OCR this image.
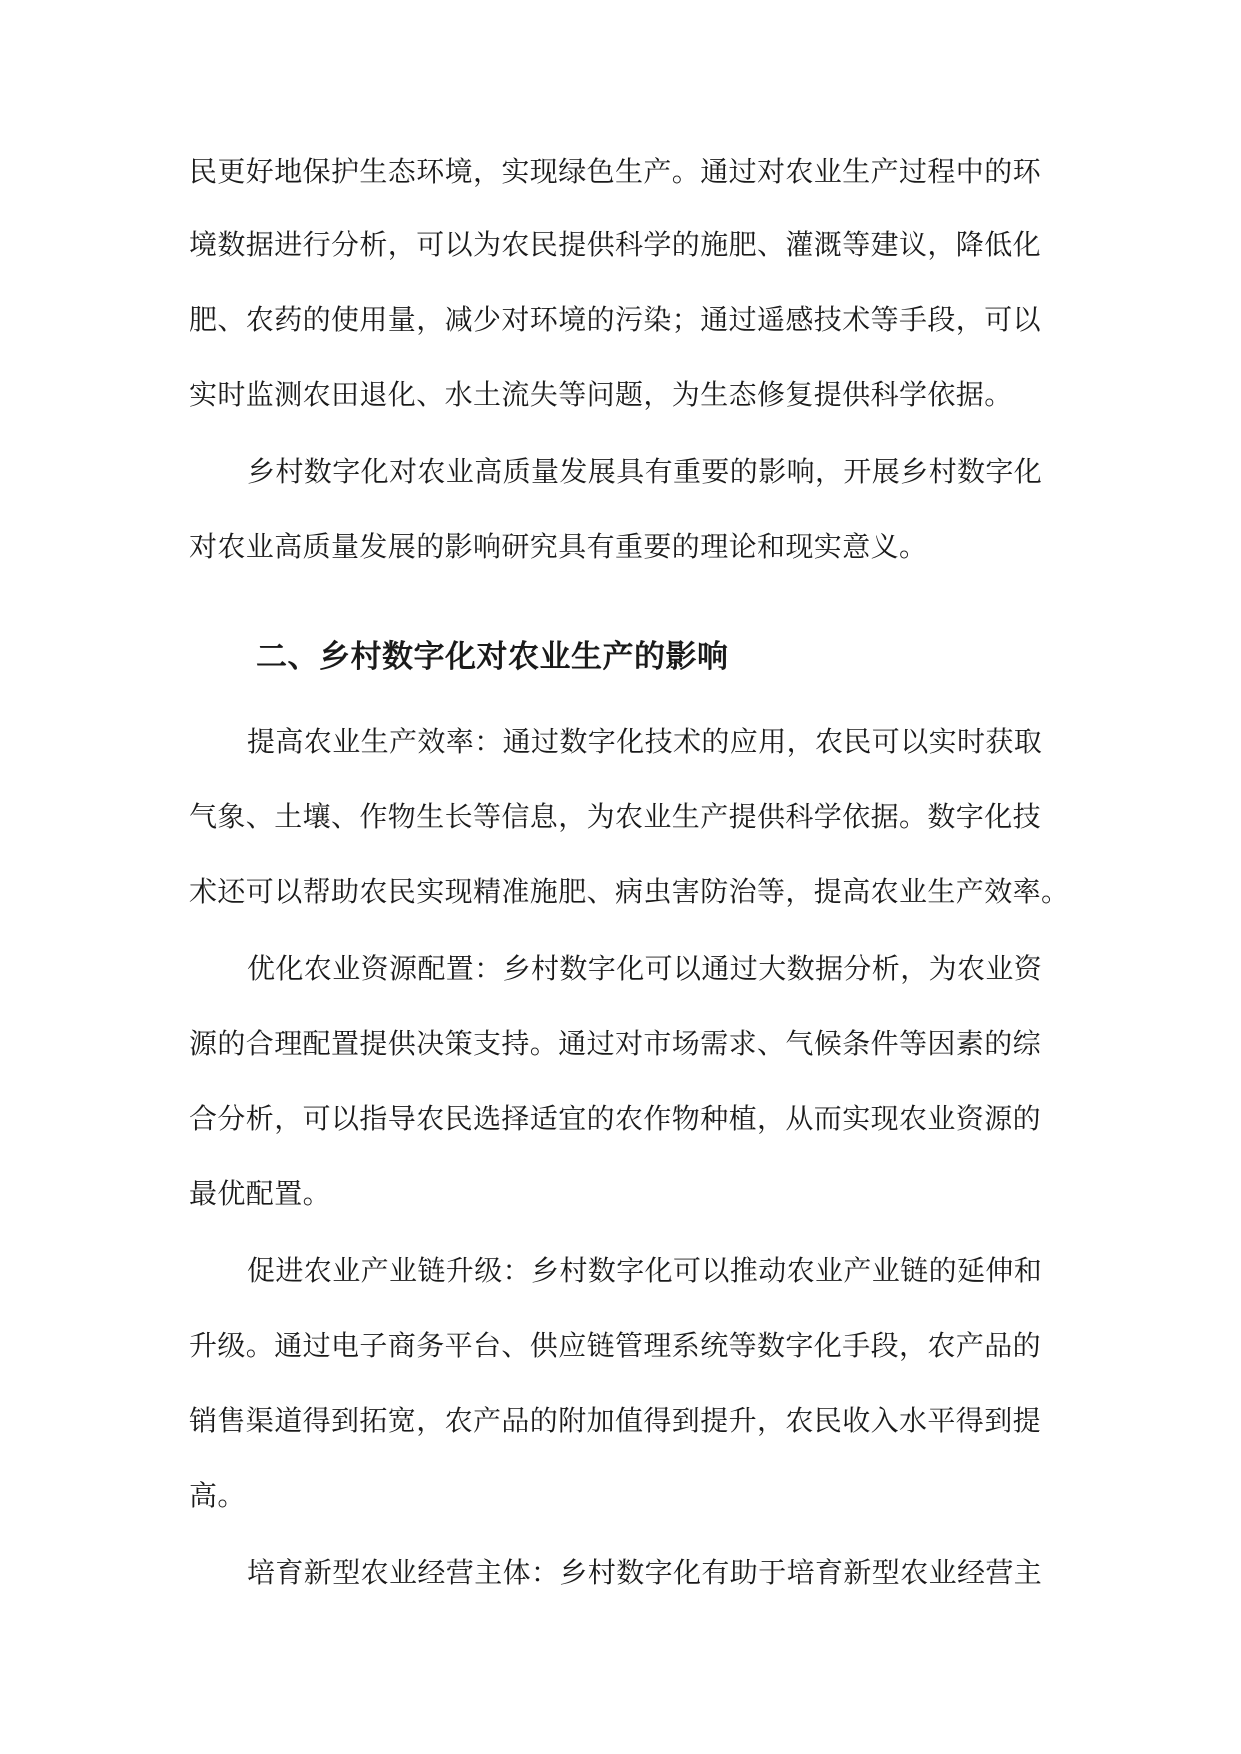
民更好地保护生态环境，实现绿色生产。通过对农业生产过程中的环

境数据进行分析，可以为农民提供科学的施肥、灌溉等建议，降低化

肥、农药的使用量，减少对环境的污染；通过遥感技术等手段，可以

实时监测农田退化、水土流失等问题，为生态修复提供科学依据。

乡村数字化对农业高质量发展具有重要的影响，开展乡村数字化

对农业高质量发展的影响研究具有重要的理论和现实意义。

二、乡村数字化对农业生产的影响

提高农业生产效率：通过数字化技术的应用，农民可以实时获取

气象、土壤、作物生长等信息，为农业生产提供科学依据。数字化技

术还可以帮助农民实现精准施肥、病虫害防治等，提高农业生产效率。

优化农业资源配置：乡村数字化可以通过大数据分析，为农业资

源的合理配置提供决策支持。通过对市场需求、气候条件等因素的综

合分析，可以指导农民选择适宜的农作物种植，从而实现农业资源的

最优配置。

促进农业产业链升级：乡村数字化可以推动农业产业链的延伸和

升级。通过电子商务平台、供应链管理系统等数字化手段，农产品的

销售渠道得到拓宽，农产品的附加值得到提升，农民收入水平得到提

高。

培育新型农业经营主体：乡村数字化有助于培育新型农业经营主
